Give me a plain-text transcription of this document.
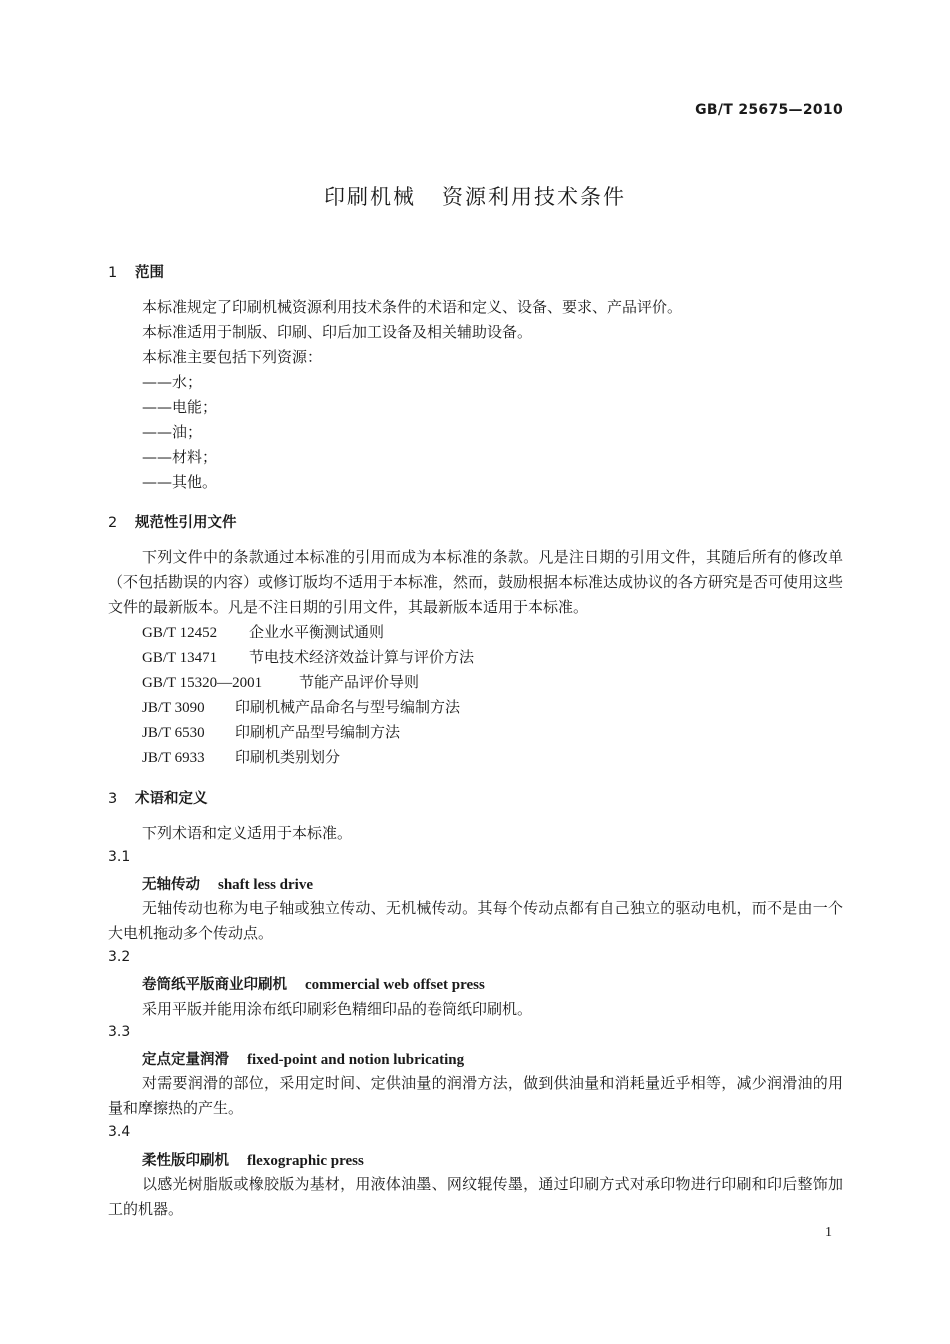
GB/T 25675—2010
印刷机械 资源利用技术条件
1 范围
本标准规定了印刷机械资源利用技术条件的术语和定义、设备、要求、产品评价。
本标准适用于制版、印刷、印后加工设备及相关辅助设备。
本标准主要包括下列资源：
——水；
——电能；
——油；
——材料；
——其他。
2 规范性引用文件
下列文件中的条款通过本标准的引用而成为本标准的条款。凡是注日期的引用文件，其随后所有的修改单（不包括勘误的内容）或修订版均不适用于本标准，然而，鼓励根据本标准达成协议的各方研究是否可使用这些文件的最新版本。凡是不注日期的引用文件，其最新版本适用于本标准。
GB/T 12452 企业水平衡测试通则
GB/T 13471 节电技术经济效益计算与评价方法
GB/T 15320—2001 节能产品评价导则
JB/T 3090 印刷机械产品命名与型号编制方法
JB/T 6530 印刷机产品型号编制方法
JB/T 6933 印刷机类别划分
3 术语和定义
下列术语和定义适用于本标准。
3.1
无轴传动 shaft less drive
无轴传动也称为电子轴或独立传动、无机械传动。其每个传动点都有自己独立的驱动电机，而不是由一个大电机拖动多个传动点。
3.2
卷筒纸平版商业印刷机 commercial web offset press
采用平版并能用涂布纸印刷彩色精细印品的卷筒纸印刷机。
3.3
定点定量润滑 fixed-point and notion lubricating
对需要润滑的部位，采用定时间、定供油量的润滑方法，做到供油量和消耗量近乎相等，减少润滑油的用量和摩擦热的产生。
3.4
柔性版印刷机 flexographic press
以感光树脂版或橡胶版为基材，用液体油墨、网纹辊传墨，通过印刷方式对承印物进行印刷和印后整饰加工的机器。
1
